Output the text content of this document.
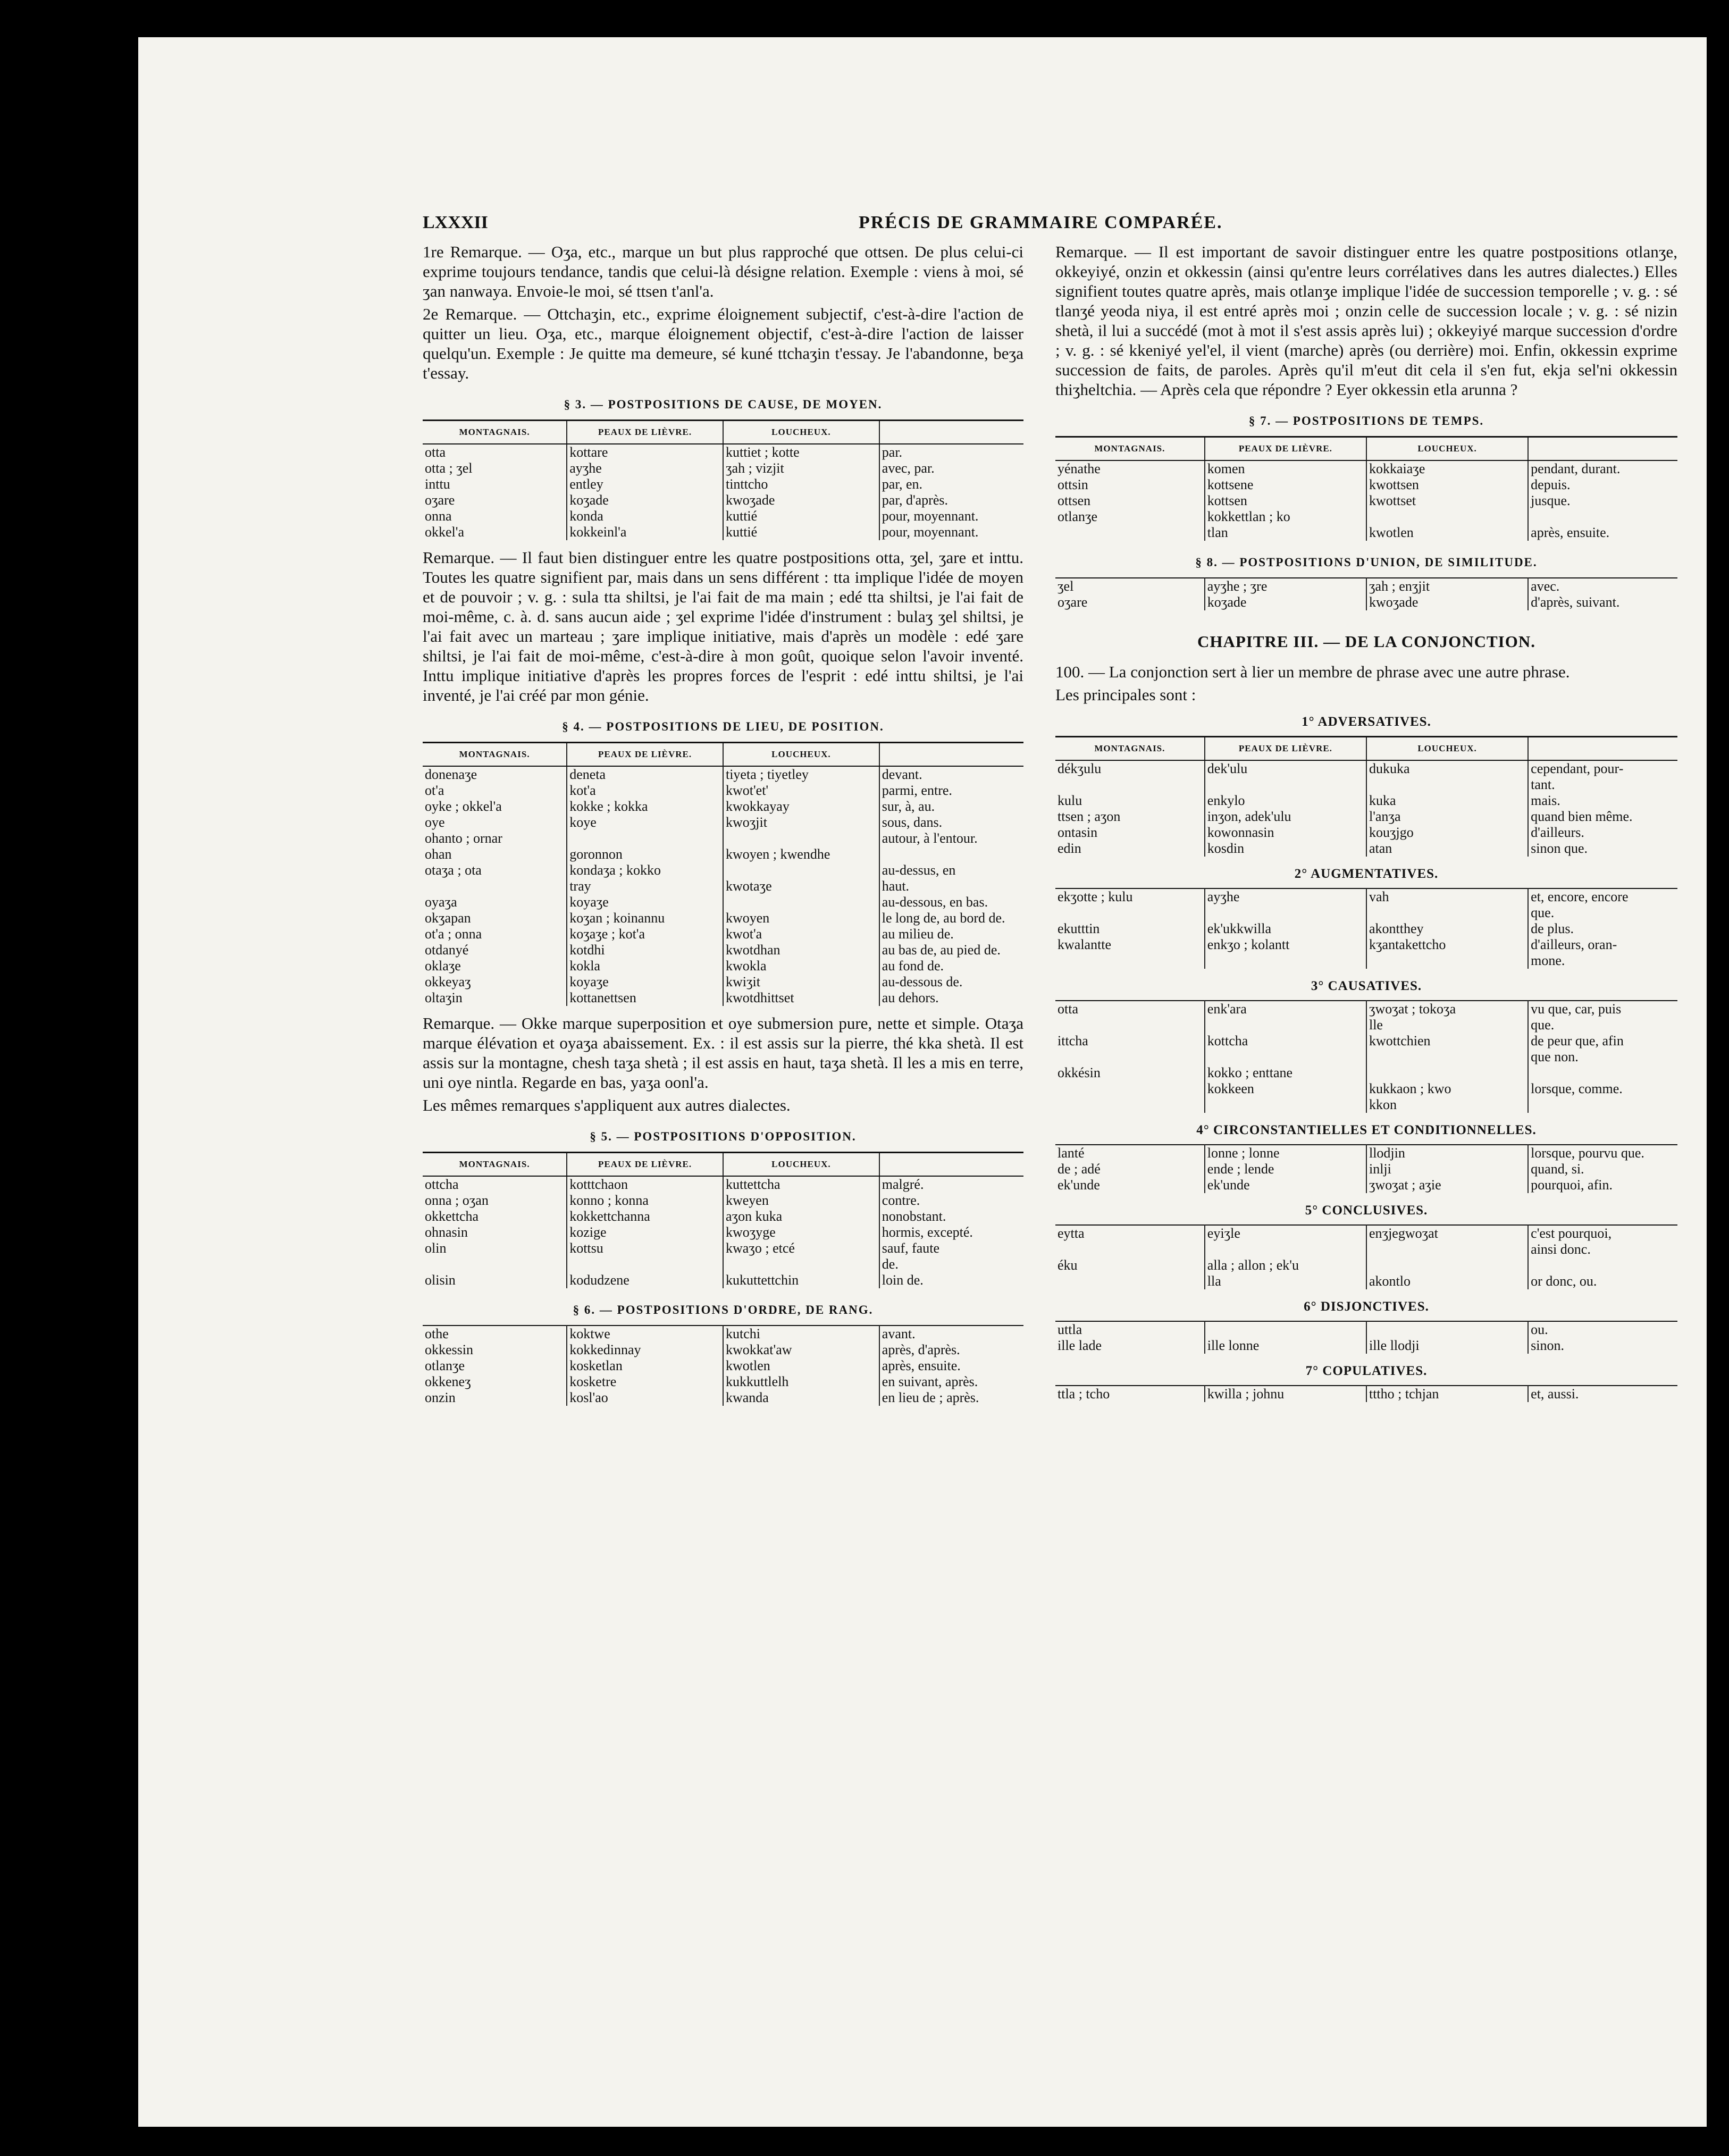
LXXXII	PRÉCIS DE GRAMMAIRE COMPARÉE.

1re Remarque. — Oʒa, etc., marque un but plus rapproché que ottsen. De plus celui-ci exprime toujours tendance, tandis que celui-là désigne relation. Exemple : viens à moi, sé ʒan nanwaya. Envoie-le moi, sé ttsen t'anl'a.

2e Remarque. — Ottchaʒin, etc., exprime éloignement subjectif, c'est-à-dire l'action de quitter un lieu. Oʒa, etc., marque éloignement objectif, c'est-à-dire l'action de laisser quelqu'un. Exemple : Je quitte ma demeure, sé kuné ttchaʒin t'essay. Je l'abandonne, beʒa t'essay.

§ 3. — POSTPOSITIONS DE CAUSE, DE MOYEN.
MONTAGNAIS.	PEAUX DE LIÈVRE.	LOUCHEUX.	
otta	kottare	kuttiet ; kotte	par.
otta ; ʒel	ayʒhe	ʒah ; vizjit	avec, par.
inttu	entley	tinttcho	par, en.
oʒare	koʒade	kwoʒade	par, d'après.
onna	konda	kuttié	pour, moyennant.
okkel'a	kokkeinl'a	kuttié	pour, moyennant.

Remarque. — Il faut bien distinguer entre les quatre postpositions otta, ʒel, ʒare et inttu. Toutes les quatre signifient par, mais dans un sens différent : tta implique l'idée de moyen et de pouvoir ; v. g. : sula tta shiltsi, je l'ai fait de ma main ; edé tta shiltsi, je l'ai fait de moi-même, c. à. d. sans aucun aide ; ʒel exprime l'idée d'instrument : bulaʒ ʒel shiltsi, je l'ai fait avec un marteau ; ʒare implique initiative, mais d'après un modèle : edé ʒare shiltsi, je l'ai fait de moi-même, c'est-à-dire à mon goût, quoique selon l'avoir inventé. Inttu implique initiative d'après les propres forces de l'esprit : edé inttu shiltsi, je l'ai inventé, je l'ai créé par mon génie.

§ 4. — POSTPOSITIONS DE LIEU, DE POSITION.
MONTAGNAIS.	PEAUX DE LIÈVRE.	LOUCHEUX.	
donenaʒe	deneta	tiyeta ; tiyetley	devant.
ot'a	kot'a	kwot'et'	parmi, entre.
oyke ; okkel'a	kokke ; kokka	kwokkayay	sur, à, au.
oye	koye	kwoʒjit	sous, dans.
ohanto ; ornar			autour, à l'entour.
ohan	goronnon	kwoyen ; kwendhe	
otaʒa ; ota	kondaʒa ; kokko		au-dessus, en
	tray	kwotaʒe	haut.
oyaʒa	koyaʒe		au-dessous, en bas.
okʒapan	koʒan ; koinannu	kwoyen	le long de, au bord de.
ot'a ; onna	koʒaʒe ; kot'a	kwot'a	au milieu de.
otdanyé	kotdhi	kwotdhan	au bas de, au pied de.
oklaʒe	kokla	kwokla	au fond de.
okkeyaʒ	koyaʒe	kwiʒit	au-dessous de.
oltaʒin	kottanettsen	kwotdhittset	au dehors.

Remarque. — Okke marque superposition et oye submersion pure, nette et simple. Otaʒa marque élévation et oyaʒa abaissement. Ex. : il est assis sur la pierre, thé kka shetà. Il est assis sur la montagne, chesh taʒa shetà ; il est assis en haut, taʒa shetà. Il les a mis en terre, uni oye nintla. Regarde en bas, yaʒa oonl'a.

Les mêmes remarques s'appliquent aux autres dialectes.

§ 5. — POSTPOSITIONS D'OPPOSITION.
MONTAGNAIS.	PEAUX DE LIÈVRE.	LOUCHEUX.	
ottcha	kotttchaon	kuttettcha	malgré.
onna ; oʒan	konno ; konna	kweyen	contre.
okkettcha	kokkettchanna	aʒon kuka	nonobstant.
ohnasin	kozige	kwoʒyge	hormis, excepté.
olin	kottsu	kwaʒo ; etcé	sauf, faute
			de.
olisin	kodudzene	kukuttettchin	loin de.
§ 6. — POSTPOSITIONS D'ORDRE, DE RANG.
othe	koktwe	kutchi	avant.
okkessin	kokkedinnay	kwokkat'aw	après, d'après.
otlanʒe	kosketlan	kwotlen	après, ensuite.
okkeneʒ	kosketre	kukkuttlelh	en suivant, après.
onzin	kosl'ao	kwanda	en lieu de ; après.

Remarque. — Il est important de savoir distinguer entre les quatre postpositions otlanʒe, okkeyiyé, onzin et okkessin (ainsi qu'entre leurs corrélatives dans les autres dialectes.) Elles signifient toutes quatre après, mais otlanʒe implique l'idée de succession temporelle ; v. g. : sé tlanʒé yeoda niya, il est entré après moi ; onzin celle de succession locale ; v. g. : sé nizin shetà, il lui a succédé (mot à mot il s'est assis après lui) ; okkeyiyé marque succession d'ordre ; v. g. : sé kkeniyé yel'el, il vient (marche) après (ou derrière) moi. Enfin, okkessin exprime succession de faits, de paroles. Après qu'il m'eut dit cela il s'en fut, ekja sel'ni okkessin thiʒheltchia. — Après cela que répondre ? Eyer okkessin etla arunna ?

§ 7. — POSTPOSITIONS DE TEMPS.
MONTAGNAIS.	PEAUX DE LIÈVRE.	LOUCHEUX.	
yénathe	komen	kokkaiaʒe	pendant, durant.
ottsin	kottsene	kwottsen	depuis.
ottsen	kottsen	kwottset	jusque.
otlanʒe	kokkettlan ; ko		
	tlan	kwotlen	après, ensuite.
§ 8. — POSTPOSITIONS D'UNION, DE SIMILITUDE.
ʒel	ayʒhe ; ʒre	ʒah ; enʒjit	avec.
oʒare	koʒade	kwoʒade	d'après, suivant.
CHAPITRE III. — DE LA CONJONCTION.

100. — La conjonction sert à lier un membre de phrase avec une autre phrase.

Les principales sont :

1° ADVERSATIVES.
MONTAGNAIS.	PEAUX DE LIÈVRE.	LOUCHEUX.	
dékʒulu	dek'ulu	dukuka	cependant, pour-
			tant.
kulu	enkylo	kuka	mais.
ttsen ; aʒon	inʒon, adek'ulu	l'anʒa	quand bien même.
ontasin	kowonnasin	kouʒjgo	d'ailleurs.
edin	kosdin	atan	sinon que.
2° AUGMENTATIVES.
ekʒotte ; kulu	ayʒhe	vah	et, encore, encore
			que.
ekutttin	ek'ukkwilla	akontthey	de plus.
kwalantte	enkʒo ; kolantt	kʒantakettcho	d'ailleurs, oran-
			mone.
3° CAUSATIVES.
otta	enk'ara	ʒwoʒat ; tokoʒa	vu que, car, puis
		lle	que.
ittcha	kottcha	kwottchien	de peur que, afin
			que non.
okkésin	kokko ; enttane		
	kokkeen	kukkaon ; kwo	lorsque, comme.
		kkon	
4° CIRCONSTANTIELLES ET CONDITIONNELLES.
lanté	lonne ; lonne	llodjin	lorsque, pourvu que.
de ; adé	ende ; lende	inlji	quand, si.
ek'unde	ek'unde	ʒwoʒat ; aʒie	pourquoi, afin.
5° CONCLUSIVES.
eytta	eyiʒle	enʒjegwoʒat	c'est pourquoi,
			ainsi donc.
éku	alla ; allon ; ek'u		
	lla	akontlo	or donc, ou.
6° DISJONCTIVES.
uttla			ou.
ille lade	ille lonne	ille llodji	sinon.
7° COPULATIVES.
ttla ; tcho	kwilla ; johnu	tttho ; tchjan	et, aussi.
